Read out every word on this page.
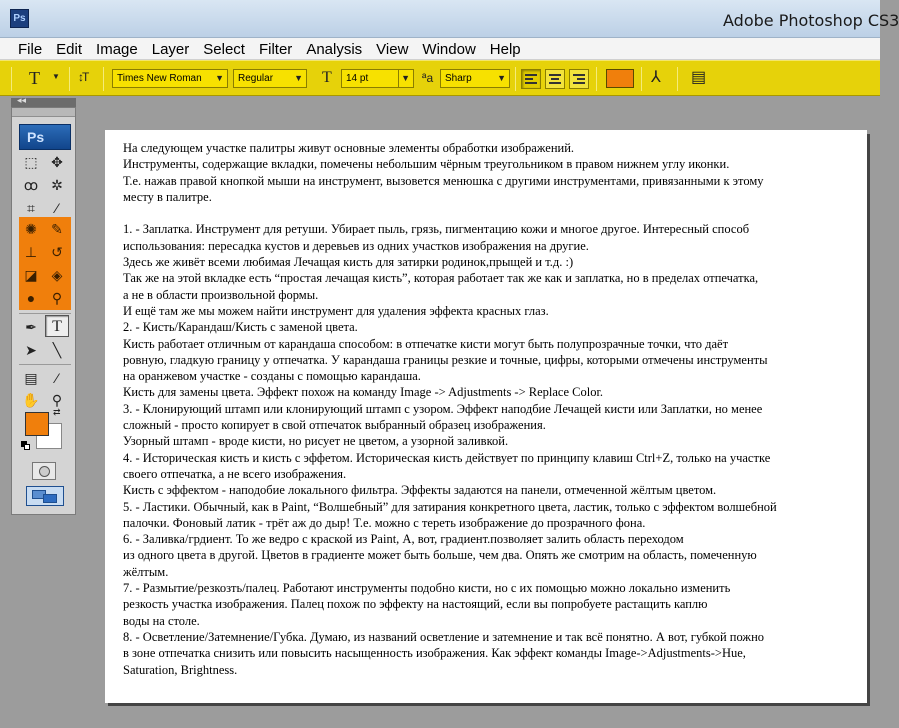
Ps	Adobe Photoshop CS3
File Edit Image Layer Select Filter Analysis View Window Help
T ▼ ↕T	Times New Roman ▼	Regular ▼ T	14 pt	▼ ªa	Sharp	▼	⅄ ▤
◂◂
Ps
⬚ ✥
ꝏ ✲
⌗	⁄
✺	✎
⊥	↺
◪	◈
●	⚲
✒ T
➤	╲
▤	⁄
✋ ⚲
⇄
На следующем участке палитры живут основные элементы обработки изображений.
Инструменты, содержащие вкладки, помечены небольшим чёрным треугольником в правом нижнем углу иконки.
Т.е. нажав правой кнопкой мыши на инструмент, вызовется менюшка с другими инструментами, привязанными к этому
месту в палитре.
1. - Заплатка. Инструмент для ретуши. Убирает пыль, грязь, пигментацию кожи и многое другое. Интересный способ
использования: пересадка кустов и деревьев из одних участков изображения на другие.
Здесь же живёт всеми любимая Лечащая кисть для затирки родинок,прыщей и т.д. :)
Так же на этой вкладке есть “простая лечащая кисть”, которая работает так же как и заплатка, но в пределах отпечатка,
а не в области произвольной формы.
И ещё там же мы можем найти инструмент для удаления эффекта красных глаз.
2. - Кисть/Карандаш/Кисть с заменой цвета.
Кисть работает отличным от карандаша способом: в отпечатке кисти могут быть полупрозрачные точки, что даёт
ровную, гладкую границу у отпечатка. У карандаша границы резкие и точные, цифры, которыми отмечены инструменты
на оранжевом участке - созданы с помощью карандаша.
Кисть для замены цвета. Эффект похож на команду Image -> Adjustments -> Replace Color.
3. - Клонирующий штамп или клонирующий штамп с узором. Эффект наподбие Лечащей кисти или Заплатки, но менее
сложный - просто копирует в свой отпечаток выбранный образец изображения.
Узорный штамп - вроде кисти, но рисует не цветом, а узорной заливкой.
4. - Историческая кисть и кисть с эффетом. Историческая кисть действует по принципу клавиш Ctrl+Z, только на участке
своего отпечатка, а не всего изображения.
Кисть с эффектом - наподобие локального фильтра. Эффекты задаются на панели, отмеченной жёлтым цветом.
5. - Ластики. Обычный, как в Paint, “Волшебный” для затирания конкретного цвета, ластик, только с эффектом волшебной
палочки. Фоновый латик - трёт аж до дыр! Т.е. можно с тереть изображение до прозрачного фона.
6. - Заливка/грдиент. То же ведро с краской из Paint, А, вот, градиент.позволяет залить область переходом
из одного цвета в другой. Цветов в градиенте может быть больше, чем два. Опять же смотрим на область, помеченную
жёлтым.
7. - Размытие/резкозть/палец. Работают инструменты подобно кисти, но с их помощью можно локально изменить
резкость участка изображения. Палец похож по эффекту на настоящий, если вы попробуете растащить каплю
воды на столе.
8. - Осветление/Затемнение/Губка. Думаю, из названий осветление и затемнение и так всё понятно. А вот, губкой пожно
в зоне отпечатка снизить или повысить насыщенность изображения. Как эффект команды Image->Adjustments->Hue,
Saturation, Brightness.
